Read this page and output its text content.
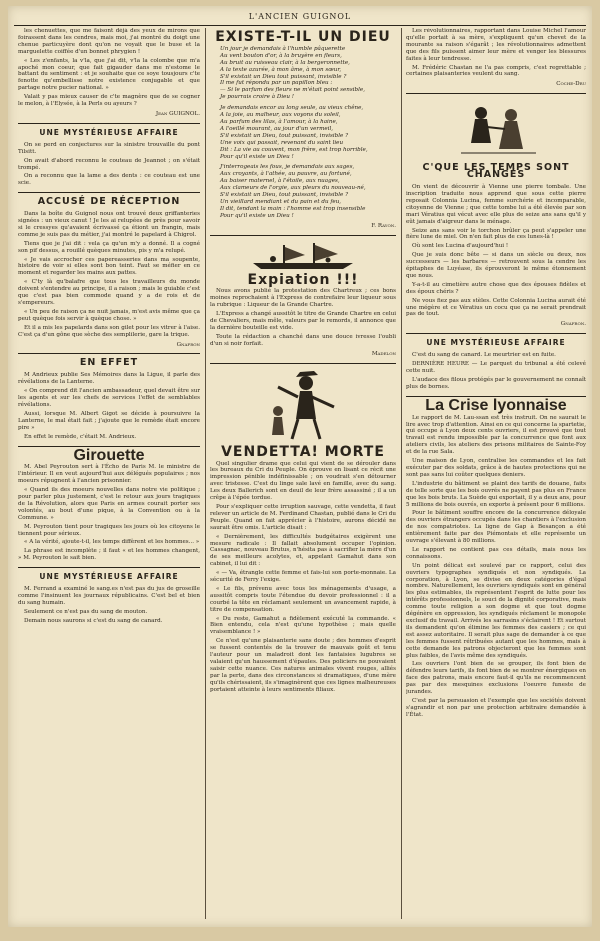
L'ANCIEN GUIGNOL

les chenuettes, que me faisont déjà des yeux de mirons que foirassent dans les cendres, mais moi, j'ai montré du doigt une chenue particuyère dont qu'on ne voyait que le buse et la marguelette coiffée d'un bonnet phrygien !

« Les z'enfants, la v'la, que j'ai dit, v'la la colombe que m'a apoché mon coeur, que fait gigauder dans me n'estome le battant du sentiment : et je souhaite que ce soye tousjours c'te fenotte qu'embellisse notre existence conjugable et que partage notre pucier national. »

Valait y pas mieux causer de c'te magnère que de se cogner le melon, à l'Elysée, à la Perls ou ayeurs ?

Jean GUIGNOL.
UNE MYSTÉRIEUSE AFFAIRE

On se perd en conjectures sur la sinistre trouvaille du pont Tilsitt.

On avait d'abord reconnu le couteau de Jeannot ; on s'était trompé.

On a reconnu que la lame a des dents : ce couteau est une scie.

ACCUSÉ DE RÉCEPTION

Dans la boîte du Guignol nous ont trouvé deux griffanteries signées : un vieux canut ! Je les ai relupées de près pour savoir si le cressyes qu'avaient écrivassé ça étiont un frangin, mais comme je suis pas du métier, j'ai montré le papelard à Chigrol.

Tiens que je j'ai dit : vela ça qu'un m'y a donné. Il a cogné son pif dessus, a rouillé quèques minutes, pis y m'a relupé.

« Je vais accrocher ces papereasseries dans ma soupente, histoire de voir si elles sont bon teint. Faut se méfier en ce moment et regarder les mains aux pattes.

« C'ty là qu'balafre que tous les travailleurs du monde doivent s'entendre au principe, il a raison ; mais le guiable c'est que c'est pas bien commode quand y a de rois et de s'empereurs.

« Un peu de raison ça ne nuit jamais, m'est avis même que ça peut quèque fois servir à quèque chose. »

Et il a mis les papelards dans son gilet pour les vitrer à l'aise. C'est ça d'un gône que sèche des semplilerie, gare la trique.

Gnafron
EN EFFET

M Andrieux publie Ses Mémoires dans la Ligue, il parle des révélations de la Lanterne.

« On comprend dit l'ancien ambassadeur, quel devait être sur les agents et sur les chefs de services l'effet de semblables révélations.

Aussi, lorsque M. Albert Gigot se décide à poursuivre la Lanterne, le mal était fait ; j'ajoute que le remède était encore pire »

En effet le remède, c'était M. Andrieux.

Girouette

M. Abel Peyrouton sert à l'Écho de Paris M. le ministre de l'intérieur. Il en veut aujourd'hui aux délégués populaires ; nos moeurs répugnent à l'ancien prisonnier.

« Quand ils des moeurs nouvelles dans notre vie politique ; pour parler plus justement, c'est le retour aux jours tragiques de la Révolution, alors que Paris en armes courait porter ses volontés, au bout d'une pique, à la Convention ou à la Commune. »

M. Peyrouton tient pour tragiques les jours où les citoyens le tiennent pour sérieux.

« A la vérité, ajoute-t-il, les temps diffèrent et les hommes... »

La phrase est incomplète ; il faut « et les hommes changent, » M. Peyrouton le sait bien.

UNE MYSTÉRIEUSE AFFAIRE

M. Ferrand a examiné le sang.es n'est pas du jus de groseille comme l'insinuent les journaux républicains. C'est bel et bien du sang humain.

Seulement ce n'est pas du sang de mouton.

Demain nous saurons si c'est du sang de canard.

EXISTE-T-IL UN DIEU
Un jour je demandais à l'humble pâquerette
Au vent bouton d'or, à la bruyère en fleurs,
Au bruit au ruisseau clair, à la bergeronnette,
A la texte azurée, à mon âme, à mon sœur,
S'il existait un Dieu tout puissant, invisible ?
Il me fut répondu par un papillon bleu :
— Si le parfum des fleurs ne m'était point sensible,
Je pourrais croire à Dieu !
Je demandais encor au long seule, au vieux chêne,
A la joie, au malheur, aux voyons du soleil,
Au parfum des lilas, à l'amour, à la haine,
A l'oeillé mourant, au jour d'un vermeil,
S'il existait un Dieu, tout puissant, invisible ?
Une voix qui passait, revenant du saint lieu
Dit : La vie au couvent, mon frère, est trop horrible,
Pour qu'il existe un Dieu !
J'interrogeais les fous, je demandais aux sages,
Aux croyants, à l'athée, au pauvre, au fortuné,
Au baiser maternel, à l'étoile, aux nuages,
Aux clameurs de l'orgie, aux pleurs du nouveau-né,
S'il existait un Dieu, tout puissant, invisible ?
Un vieillard mendiant et du pain et du feu,
Il dit, tendant la main : l'homme est trop insensible
Pour qu'il existe un Dieu !
F. Rayon.
Expiation !!!

Nous avons publié la protestation des Chartreux ; ces bons moines reprochaient à l'Express de contrefaire leur liqueur sous la rubrique : Liqueur de la Grande Chartre.

L'Express a changé aussitôt le titre de Grande Chartre en celui de Chevaliers, mais mêle, valeurs par le remords, il annonce que la dernière bouteille est vide.

Toute la rédaction a chanché dans une douce ivresse l'oubli d'un si noir forfait.

Madelon
VENDETTA! MORTE

Quel singulier drame que celui qui vient de se dérouler dans les bureaux du Cri du Peuple. On éprouve en lisant ce récit une impression pénible indéfinissable ; on voudrait s'en détourner avec tristesse. C'est du linge sale lavé en famille, avec du sang. Les deux Ballerich sont en deuil de leur frère assassiné ; il a un crêpe à l'épée tordue.

Pour s'expliquer cette irruption sauvage, cette vendetta, il faut relever un article de M. Ferdinand Chastan, publié dans le Cri du Peuple. Quand on fait apprécier à l'histoire, aurons décidé ne saurait être omis. L'article disait :

« Dernièrement, les difficultés budgétaires exigèrent une mesure radicale : Il fallait absolument occuper l'opinion. Cassagnac, nouveau Brutus, n'hésita pas à sacrifier la mère d'un de ses meilleurs acolytes, et, appelant Gamahut dans son cabinet, il lui dit :

« — Va, étrangle cette femme et fais-lui son porte-monnaie. La sécurité de Ferry l'exige.

« Le fils, prévenu avec tous les ménagements d'usage, a aussitôt compris toute l'étendue du devoir professionnel : il a courbé la tête en réclamant seulement un avancement rapide, à titre de compensation.

« Du reste, Gamahut a fidèlement exécuté la commande. « Bien entendu, cela n'est qu'une hypothèse ; mais quelle vraisemblance ! »

Ce n'est qu'une plaisanterie sans doute ; des hommes d'esprit se fussent contentés de la trouver de mauvais goût et tenu l'auteur pour un maladroit dont les fantaisies lugubres se valaient qu'un haussement d'épaules. Des policiers ne pouvaient saisir cette nuance. Ces natures animales vivent rouges, alliés par la perte, dans des circonstances si dramatiques, d'une mère qu'ils chérissaient, ils s'imaginèrent que ces lignes malheureuses portaient atteinte à leurs sentiments filiaux.

Les révolutionnaires, rapportant dans Louise Michel l'amour qu'elle portait à sa mère, s'expliquent qu'un chevet de la mourante sa raison s'égarât ; les révolutionnaires admettent que des fils puissent aimer leur mère et venger les blessures faites à leur tendresse.

M. Frédéric Chastan ne l'a pas compris, c'est regrettable ; certaines plaisanteries veulent du sang.

Coche-Dru
C'QUE LES TEMPS SONT CHANGÉS

On vient de découvrir à Vienne une pierre tombale. Une inscription traduite nous apprend que sous cette pierre reposait Colonnia Lucina, femme surchérie et incomparable, citoyenne de Vienne ; que cette tombe lui a été élevée par son mari Vératius qui vécut avec elle plus de seize ans sans qu'il y eût jamais d'aigreur dans le ménage.

Seize ans sans voir le torchon brûler ça peut s'appeler une fière lune de miel. On n'en fait plus de ces lunes-là !

Où sont les Lucina d'aujourd'hui !

Que je suis donc bête — si dans un siècle ou deux, nos successeurs — les barbares — retrouvent sous la cendre les épitaphes de Luyéase, ils éprouveront le même étonnement que nous.

Y-a-t-il au cimetière autre chose que des épouses fidèles et des époux chéris ?

Ne vous fiez pas aux stèles. Cette Colonnia Lucina aurait été une mégère et ce Vératius un cocu que ça ne serait prendrait pas de tout.

Gnafron.
UNE MYSTÉRIEUSE AFFAIRE

C'est du sang de canard. Le meurtrier est en fuite.

DERNIÈRE HEURE — Le parquet du tribunal a été celevé cette nuit.

L'audace des filous protégés par le gouvernement ne connaît plus de bornes.

La Crise lyonnaise

Le rapport de M. Lau-ssan est très instruit. On ne saurait le lire avec trop d'attention. Ainsi en ce qui concerne la spartetie, qui occupe à Lyon deux cents ouvriers, il est prouvé que tout travail est rendu impossible par la concurrence que font aux ateliers civils, les ateliers des prisons militaires de Sainte-Foy et de la rue Sala.

Une maison de Lyon, centralise les commandes et les fait exécuter par des soldats, grâce à de hautes protections qui ne sont pas sans lui coûter quelques deniers.

L'industrie du bâtiment se plaint des tarifs de douane, faits de telle sorte que les bois ouvrés ne payent pas plus en France que les bois bruts. La Suède qui exportait, il y a deux ans, pour 5 millions de bois ouvrés, en exporte à présent pour 6 millions.

Pour le bâtiment souffre encore de la concurrence déloyale des ouvriers étrangers occupés dans les chantiers à l'exclusion de nos compatriotes. La ligne de Gap à Besançon a été entièrement faite par des Piémontais et elle représente un ouvrage s'élevant à 80 millions.

Le rapport ne contient pas ces détails, mais nous les connaissons.

Un point délicat est soulevé par ce rapport, celui des ouvriers typographes syndiqués et non syndiqués. La corporation, à Lyon, se divise en deux catégories d'égal nombre. Naturellement, les ouvriers syndiqués sont en général les plus estimables, ils représentent l'esprit de lutte pour les intérêts professionnels, le souci de la dignité corporative, mais comme toute religion a son dogme et que tout dogme dégénère en oppression, les syndiqués réclament le monopole exclusif du travail. Arrivés les sarrasins s'éclairent ! Et surtout ils demandent qu'on élimine les femmes des casiers ; ce qui est assez autoritaire. Il serait plus sage de demander à ce que les femmes fussent rétribuées autant que les hommes, mais à cette demande les patrons objecteront que les femmes sont plus faibles, de l'avis même des syndiqués.

Les ouvriers l'ont bien de se grouper, ils font bien de défendre leurs tarifs, ils font bien de se montrer énergiques en face des patrons, mais encore faut-il qu'ils ne recommencent pas par des mesquines exclusions l'oeuvre funeste de jurandes.

C'est par la persuasion et l'exemple que les sociétés doivent s'agrandir et non par une protection arbitraire demandée à l'État.
